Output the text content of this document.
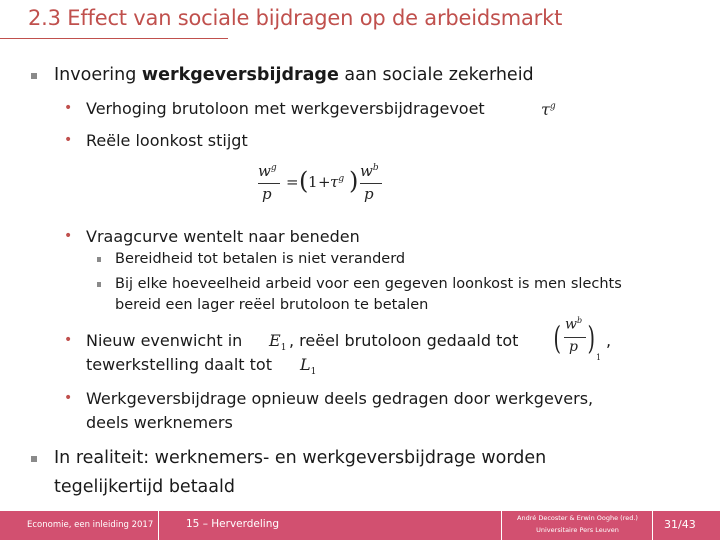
2.3 Effect van sociale bijdragen op de arbeidsmarkt
Invoering werkgeversbijdrage aan sociale zekerheid
• Verhoging brutoloon met werkgeversbijdragevoet	$\tau^g$
• Reële loonkost stijgt
$w^g$
p
= ( $1 + \tau^g$ ) $w^b$
p
• Vraagcurve wentelt naar beneden
Bereidheid tot betalen is niet veranderd
Bij elke hoeveelheid arbeid voor een gegeven loonkost is men slechts
bereid een lager reëel brutoloon te betalen
• Nieuw evenwicht in $E_1$ , reëel brutoloon gedaald tot ( $w^b$
p )
1
,
tewerkstelling daalt tot $L_1$
• Werkgeversbijdrage opnieuw deels gedragen door werkgevers,
deels werknemers
In realiteit: werknemers- en werkgeversbijdrage worden
tegelijkertijd betaald
Economie, een inleiding 2017	15 – Herverdeling	André Decoster & Erwin Ooghe (red.)
Universitaire Pers Leuven	31/43
